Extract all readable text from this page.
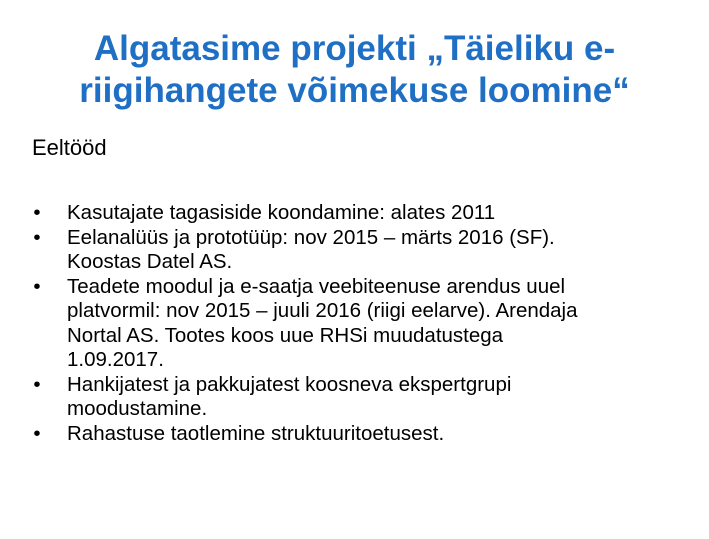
Algatasime projekti „Täieliku e-
riigihangete võimekuse loomine“

Eeltööd

• Kasutajate tagasiside koondamine: alates 2011
• Eelanalüüs ja prototüüp: nov 2015 – märts 2016 (SF).
Koostas Datel AS.
• Teadete moodul ja e-saatja veebiteenuse arendus uuel
platvormil: nov 2015 – juuli 2016 (riigi eelarve). Arendaja
Nortal AS. Tootes koos uue RHSi muudatustega
1.09.2017.
• Hankijatest ja pakkujatest koosneva ekspertgrupi
moodustamine.
• Rahastuse taotlemine struktuuritoetusest.
